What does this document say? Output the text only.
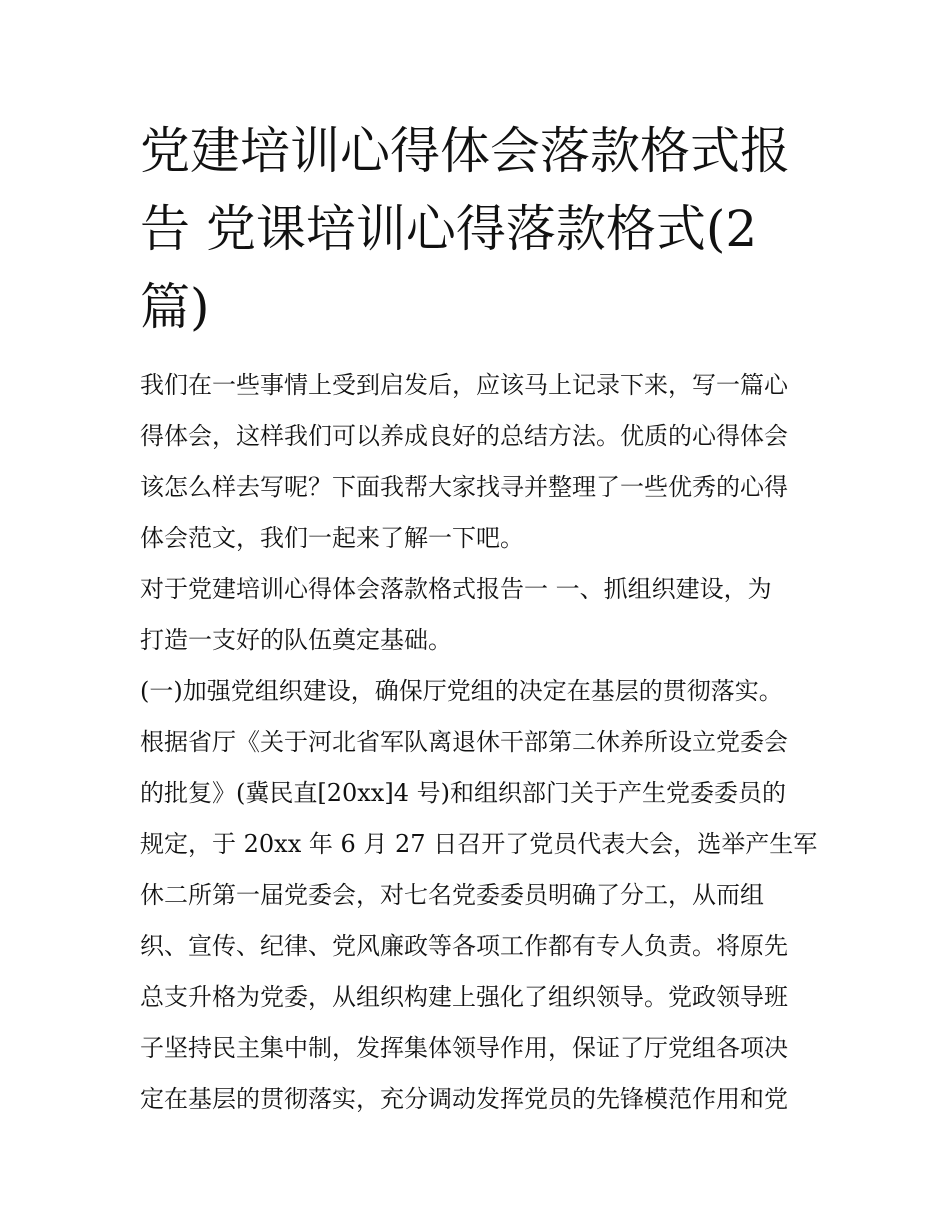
党建培训心得体会落款格式报
告 党课培训心得落款格式(2
篇)
我们在一些事情上受到启发后，应该马上记录下来，写一篇心
得体会，这样我们可以养成良好的总结方法。优质的心得体会
该怎么样去写呢？下面我帮大家找寻并整理了一些优秀的心得
体会范文，我们一起来了解一下吧。
对于党建培训心得体会落款格式报告一 一、抓组织建设，为
打造一支好的队伍奠定基础。
(一)加强党组织建设，确保厅党组的决定在基层的贯彻落实。
根据省厅《关于河北省军队离退休干部第二休养所设立党委会
的批复》(冀民直[20xx]4 号)和组织部门关于产生党委委员的
规定，于 20xx 年 6 月 27 日召开了党员代表大会，选举产生军
休二所第一届党委会，对七名党委委员明确了分工，从而组
织、宣传、纪律、党风廉政等各项工作都有专人负责。将原先
总支升格为党委，从组织构建上强化了组织领导。党政领导班
子坚持民主集中制，发挥集体领导作用，保证了厅党组各项决
定在基层的贯彻落实，充分调动发挥党员的先锋模范作用和党
